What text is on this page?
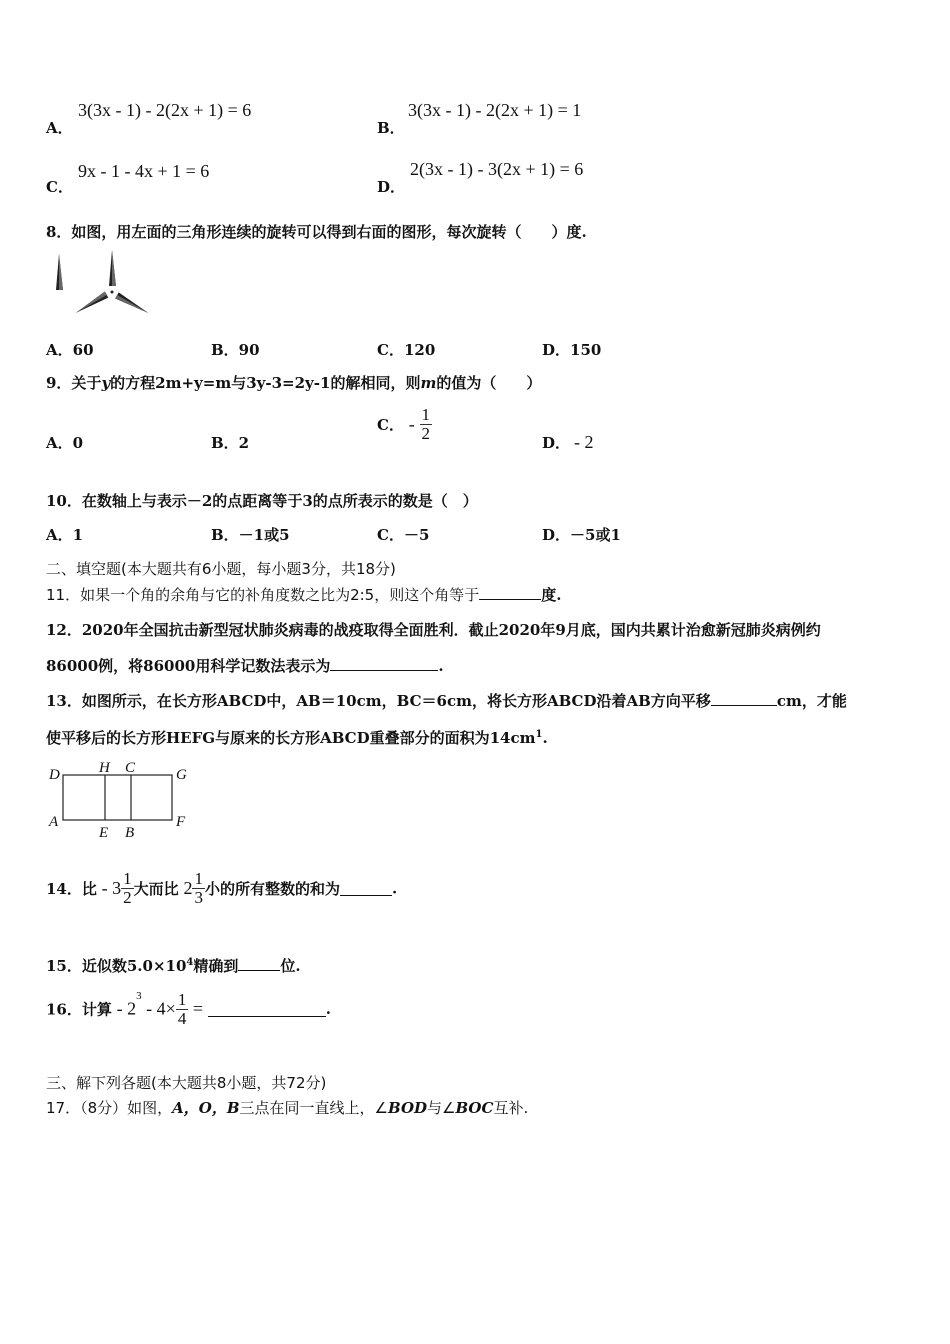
A．
3(3x - 1) - 2(2x + 1) = 6
B．
3(3x - 1) - 2(2x + 1) = 1
C．
9x - 1 - 4x + 1 = 6
D．
2(3x - 1) - 3(2x + 1) = 6
8．如图，用左面的三角形连续的旋转可以得到右面的图形，每次旋转（　　）度.
A．60	B．90	C．120	D．150
9．关于y的方程2m+y=m与3y-3=2y-1的解相同，则m的值为（　　）
A．0	B．2
C． - $\frac{1}{2}$
D． - 2
10．在数轴上与表示－2的点距离等于3的点所表示的数是（　）
A．1	B．－1或5	C．－5	D．－5或1
二、填空题(本大题共有6小题，每小题3分，共18分)
11．如果一个角的余角与它的补角度数之比为2:5，则这个角等于	度.
12．2020年全国抗击新型冠状肺炎病毒的战疫取得全面胜利．截止2020年9月底，国内共累计治愈新冠肺炎病例约
86000例，将86000用科学记数法表示为	.
13．如图所示，在长方形ABCD中，AB＝10cm，BC＝6cm，将长方形ABCD沿着AB方向平移	cm，才能
使平移后的长方形HEFG与原来的长方形ABCD重叠部分的面积为$14cm^1$.
D	H C	G
A
E B
F
14．比 - $3 \frac{1}{2}$ 大而比 $2 \frac{1}{3}$ 小的所有整数的和为	.
15．近似数$5.0\times 10^4$精确到	位.
16．计算 - $2^3 - 4\times \frac{1}{4}$ =	.
三、解下列各题(本大题共8小题，共72分)
17．（8分）如图，A，O，B三点在同一直线上，∠BOD与∠BOC互补.
